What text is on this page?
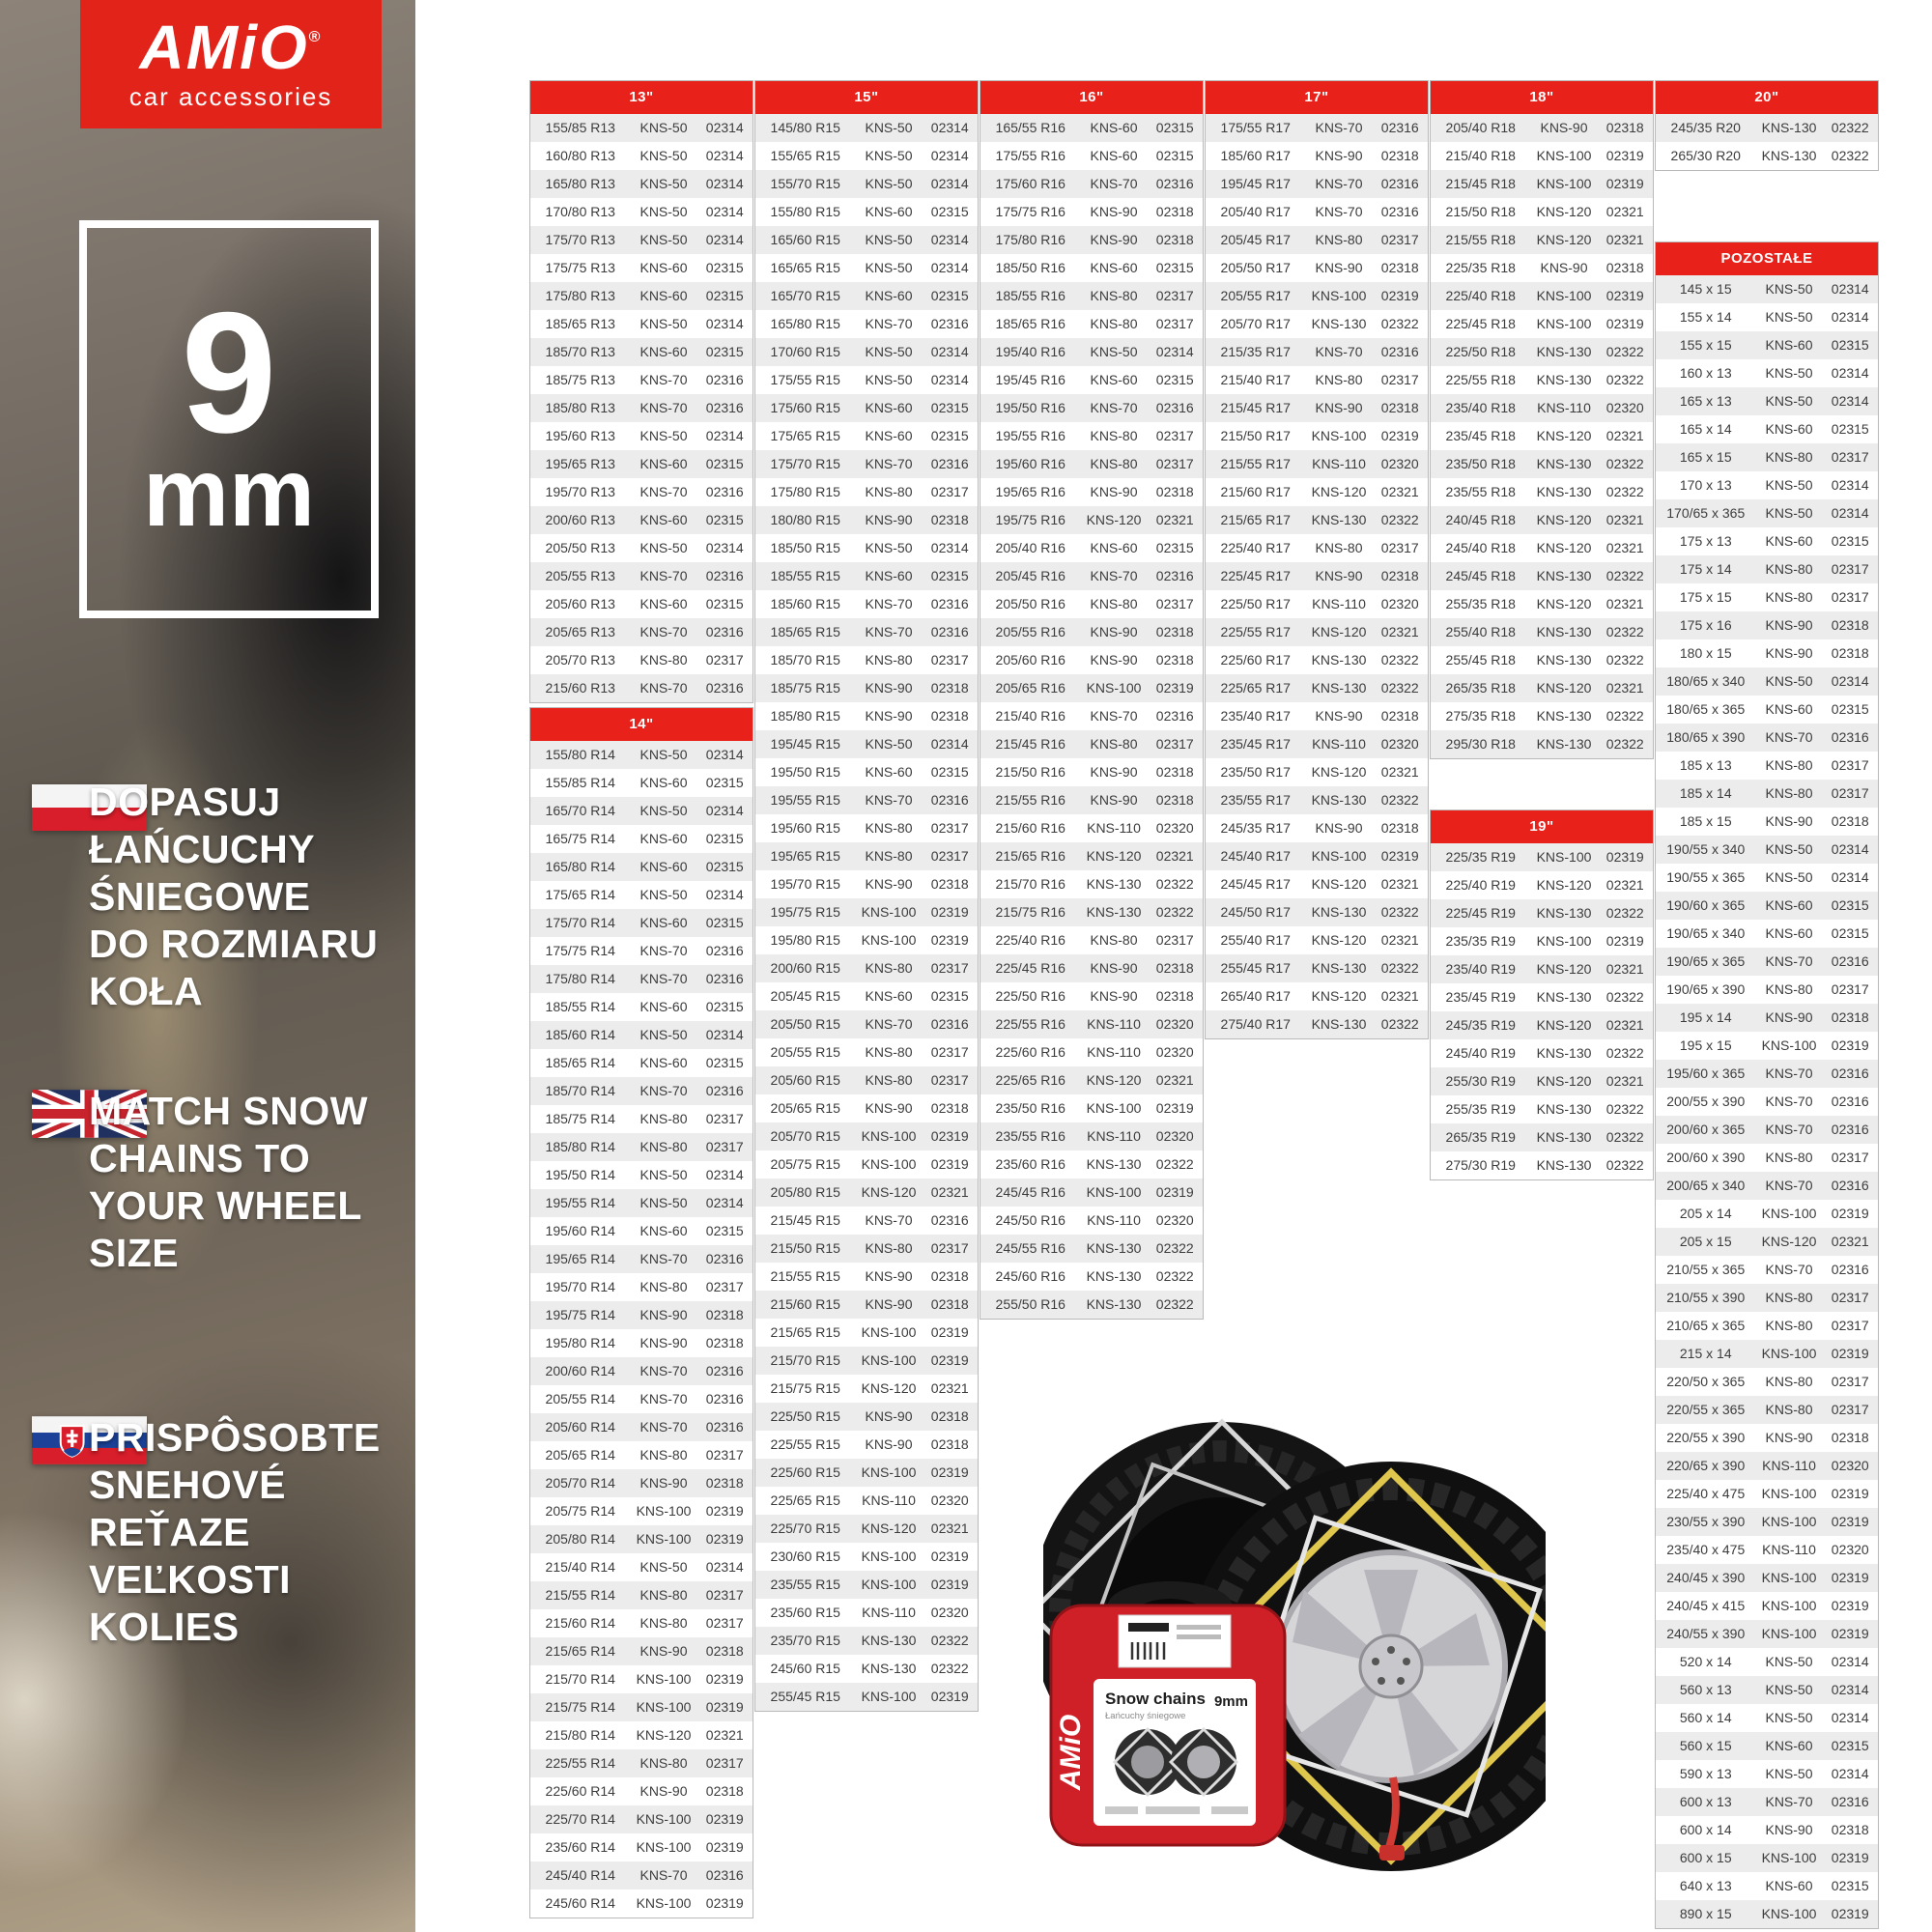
AMiO®
car accessories
9
mm
DOPASUJ
ŁAŃCUCHY
ŚNIEGOWE
DO ROZMIARU
KOŁA
MATCH SNOW
CHAINS TO
YOUR WHEEL
SIZE
PRISPÔSOBTE
SNEHOVÉ
REŤAZE
VEĽKOSTI
KOLIES
13"
155/85 R13	KNS-50	02314
160/80 R13	KNS-50	02314
165/80 R13	KNS-50	02314
170/80 R13	KNS-50	02314
175/70 R13	KNS-50	02314
175/75 R13	KNS-60	02315
175/80 R13	KNS-60	02315
185/65 R13	KNS-50	02314
185/70 R13	KNS-60	02315
185/75 R13	KNS-70	02316
185/80 R13	KNS-70	02316
195/60 R13	KNS-50	02314
195/65 R13	KNS-60	02315
195/70 R13	KNS-70	02316
200/60 R13	KNS-60	02315
205/50 R13	KNS-50	02314
205/55 R13	KNS-70	02316
205/60 R13	KNS-60	02315
205/65 R13	KNS-70	02316
205/70 R13	KNS-80	02317
215/60 R13	KNS-70	02316
14"
155/80 R14	KNS-50	02314
155/85 R14	KNS-60	02315
165/70 R14	KNS-50	02314
165/75 R14	KNS-60	02315
165/80 R14	KNS-60	02315
175/65 R14	KNS-50	02314
175/70 R14	KNS-60	02315
175/75 R14	KNS-70	02316
175/80 R14	KNS-70	02316
185/55 R14	KNS-60	02315
185/60 R14	KNS-50	02314
185/65 R14	KNS-60	02315
185/70 R14	KNS-70	02316
185/75 R14	KNS-80	02317
185/80 R14	KNS-80	02317
195/50 R14	KNS-50	02314
195/55 R14	KNS-50	02314
195/60 R14	KNS-60	02315
195/65 R14	KNS-70	02316
195/70 R14	KNS-80	02317
195/75 R14	KNS-90	02318
195/80 R14	KNS-90	02318
200/60 R14	KNS-70	02316
205/55 R14	KNS-70	02316
205/60 R14	KNS-70	02316
205/65 R14	KNS-80	02317
205/70 R14	KNS-90	02318
205/75 R14	KNS-100	02319
205/80 R14	KNS-100	02319
215/40 R14	KNS-50	02314
215/55 R14	KNS-80	02317
215/60 R14	KNS-80	02317
215/65 R14	KNS-90	02318
215/70 R14	KNS-100	02319
215/75 R14	KNS-100	02319
215/80 R14	KNS-120	02321
225/55 R14	KNS-80	02317
225/60 R14	KNS-90	02318
225/70 R14	KNS-100	02319
235/60 R14	KNS-100	02319
245/40 R14	KNS-70	02316
245/60 R14	KNS-100	02319
15"
145/80 R15	KNS-50	02314
155/65 R15	KNS-50	02314
155/70 R15	KNS-50	02314
155/80 R15	KNS-60	02315
165/60 R15	KNS-50	02314
165/65 R15	KNS-50	02314
165/70 R15	KNS-60	02315
165/80 R15	KNS-70	02316
170/60 R15	KNS-50	02314
175/55 R15	KNS-50	02314
175/60 R15	KNS-60	02315
175/65 R15	KNS-60	02315
175/70 R15	KNS-70	02316
175/80 R15	KNS-80	02317
180/80 R15	KNS-90	02318
185/50 R15	KNS-50	02314
185/55 R15	KNS-60	02315
185/60 R15	KNS-70	02316
185/65 R15	KNS-70	02316
185/70 R15	KNS-80	02317
185/75 R15	KNS-90	02318
185/80 R15	KNS-90	02318
195/45 R15	KNS-50	02314
195/50 R15	KNS-60	02315
195/55 R15	KNS-70	02316
195/60 R15	KNS-80	02317
195/65 R15	KNS-80	02317
195/70 R15	KNS-90	02318
195/75 R15	KNS-100	02319
195/80 R15	KNS-100	02319
200/60 R15	KNS-80	02317
205/45 R15	KNS-60	02315
205/50 R15	KNS-70	02316
205/55 R15	KNS-80	02317
205/60 R15	KNS-80	02317
205/65 R15	KNS-90	02318
205/70 R15	KNS-100	02319
205/75 R15	KNS-100	02319
205/80 R15	KNS-120	02321
215/45 R15	KNS-70	02316
215/50 R15	KNS-80	02317
215/55 R15	KNS-90	02318
215/60 R15	KNS-90	02318
215/65 R15	KNS-100	02319
215/70 R15	KNS-100	02319
215/75 R15	KNS-120	02321
225/50 R15	KNS-90	02318
225/55 R15	KNS-90	02318
225/60 R15	KNS-100	02319
225/65 R15	KNS-110	02320
225/70 R15	KNS-120	02321
230/60 R15	KNS-100	02319
235/55 R15	KNS-100	02319
235/60 R15	KNS-110	02320
235/70 R15	KNS-130	02322
245/60 R15	KNS-130	02322
255/45 R15	KNS-100	02319
16"
165/55 R16	KNS-60	02315
175/55 R16	KNS-60	02315
175/60 R16	KNS-70	02316
175/75 R16	KNS-90	02318
175/80 R16	KNS-90	02318
185/50 R16	KNS-60	02315
185/55 R16	KNS-80	02317
185/65 R16	KNS-80	02317
195/40 R16	KNS-50	02314
195/45 R16	KNS-60	02315
195/50 R16	KNS-70	02316
195/55 R16	KNS-80	02317
195/60 R16	KNS-80	02317
195/65 R16	KNS-90	02318
195/75 R16	KNS-120	02321
205/40 R16	KNS-60	02315
205/45 R16	KNS-70	02316
205/50 R16	KNS-80	02317
205/55 R16	KNS-90	02318
205/60 R16	KNS-90	02318
205/65 R16	KNS-100	02319
215/40 R16	KNS-70	02316
215/45 R16	KNS-80	02317
215/50 R16	KNS-90	02318
215/55 R16	KNS-90	02318
215/60 R16	KNS-110	02320
215/65 R16	KNS-120	02321
215/70 R16	KNS-130	02322
215/75 R16	KNS-130	02322
225/40 R16	KNS-80	02317
225/45 R16	KNS-90	02318
225/50 R16	KNS-90	02318
225/55 R16	KNS-110	02320
225/60 R16	KNS-110	02320
225/65 R16	KNS-120	02321
235/50 R16	KNS-100	02319
235/55 R16	KNS-110	02320
235/60 R16	KNS-130	02322
245/45 R16	KNS-100	02319
245/50 R16	KNS-110	02320
245/55 R16	KNS-130	02322
245/60 R16	KNS-130	02322
255/50 R16	KNS-130	02322
17"
175/55 R17	KNS-70	02316
185/60 R17	KNS-90	02318
195/45 R17	KNS-70	02316
205/40 R17	KNS-70	02316
205/45 R17	KNS-80	02317
205/50 R17	KNS-90	02318
205/55 R17	KNS-100	02319
205/70 R17	KNS-130	02322
215/35 R17	KNS-70	02316
215/40 R17	KNS-80	02317
215/45 R17	KNS-90	02318
215/50 R17	KNS-100	02319
215/55 R17	KNS-110	02320
215/60 R17	KNS-120	02321
215/65 R17	KNS-130	02322
225/40 R17	KNS-80	02317
225/45 R17	KNS-90	02318
225/50 R17	KNS-110	02320
225/55 R17	KNS-120	02321
225/60 R17	KNS-130	02322
225/65 R17	KNS-130	02322
235/40 R17	KNS-90	02318
235/45 R17	KNS-110	02320
235/50 R17	KNS-120	02321
235/55 R17	KNS-130	02322
245/35 R17	KNS-90	02318
245/40 R17	KNS-100	02319
245/45 R17	KNS-120	02321
245/50 R17	KNS-130	02322
255/40 R17	KNS-120	02321
255/45 R17	KNS-130	02322
265/40 R17	KNS-120	02321
275/40 R17	KNS-130	02322
18"
205/40 R18	KNS-90	02318
215/40 R18	KNS-100	02319
215/45 R18	KNS-100	02319
215/50 R18	KNS-120	02321
215/55 R18	KNS-120	02321
225/35 R18	KNS-90	02318
225/40 R18	KNS-100	02319
225/45 R18	KNS-100	02319
225/50 R18	KNS-130	02322
225/55 R18	KNS-130	02322
235/40 R18	KNS-110	02320
235/45 R18	KNS-120	02321
235/50 R18	KNS-130	02322
235/55 R18	KNS-130	02322
240/45 R18	KNS-120	02321
245/40 R18	KNS-120	02321
245/45 R18	KNS-130	02322
255/35 R18	KNS-120	02321
255/40 R18	KNS-130	02322
255/45 R18	KNS-130	02322
265/35 R18	KNS-120	02321
275/35 R18	KNS-130	02322
295/30 R18	KNS-130	02322
19"
225/35 R19	KNS-100	02319
225/40 R19	KNS-120	02321
225/45 R19	KNS-130	02322
235/35 R19	KNS-100	02319
235/40 R19	KNS-120	02321
235/45 R19	KNS-130	02322
245/35 R19	KNS-120	02321
245/40 R19	KNS-130	02322
255/30 R19	KNS-120	02321
255/35 R19	KNS-130	02322
265/35 R19	KNS-130	02322
275/30 R19	KNS-130	02322
20"
245/35 R20	KNS-130	02322
265/30 R20	KNS-130	02322
POZOSTAŁE
145 x 15	KNS-50	02314
155 x 14	KNS-50	02314
155 x 15	KNS-60	02315
160 x 13	KNS-50	02314
165 x 13	KNS-50	02314
165 x 14	KNS-60	02315
165 x 15	KNS-80	02317
170 x 13	KNS-50	02314
170/65 x 365	KNS-50	02314
175 x 13	KNS-60	02315
175 x 14	KNS-80	02317
175 x 15	KNS-80	02317
175 x 16	KNS-90	02318
180 x 15	KNS-90	02318
180/65 x 340	KNS-50	02314
180/65 x 365	KNS-60	02315
180/65 x 390	KNS-70	02316
185 x 13	KNS-80	02317
185 x 14	KNS-80	02317
185 x 15	KNS-90	02318
190/55 x 340	KNS-50	02314
190/55 x 365	KNS-50	02314
190/60 x 365	KNS-60	02315
190/65 x 340	KNS-60	02315
190/65 x 365	KNS-70	02316
190/65 x 390	KNS-80	02317
195 x 14	KNS-90	02318
195 x 15	KNS-100	02319
195/60 x 365	KNS-70	02316
200/55 x 390	KNS-70	02316
200/60 x 365	KNS-70	02316
200/60 x 390	KNS-80	02317
200/65 x 340	KNS-70	02316
205 x 14	KNS-100	02319
205 x 15	KNS-120	02321
210/55 x 365	KNS-70	02316
210/55 x 390	KNS-80	02317
210/65 x 365	KNS-80	02317
215 x 14	KNS-100	02319
220/50 x 365	KNS-80	02317
220/55 x 365	KNS-80	02317
220/55 x 390	KNS-90	02318
220/65 x 390	KNS-110	02320
225/40 x 475	KNS-100	02319
230/55 x 390	KNS-100	02319
235/40 x 475	KNS-110	02320
240/45 x 390	KNS-100	02319
240/45 x 415	KNS-100	02319
240/55 x 390	KNS-100	02319
520 x 14	KNS-50	02314
560 x 13	KNS-50	02314
560 x 14	KNS-50	02314
560 x 15	KNS-60	02315
590 x 13	KNS-50	02314
600 x 13	KNS-70	02316
600 x 14	KNS-90	02318
600 x 15	KNS-100	02319
640 x 13	KNS-60	02315
890 x 15	KNS-100	02319
AMiO
Snow chains
Łańcuchy śniegowe
9mm
